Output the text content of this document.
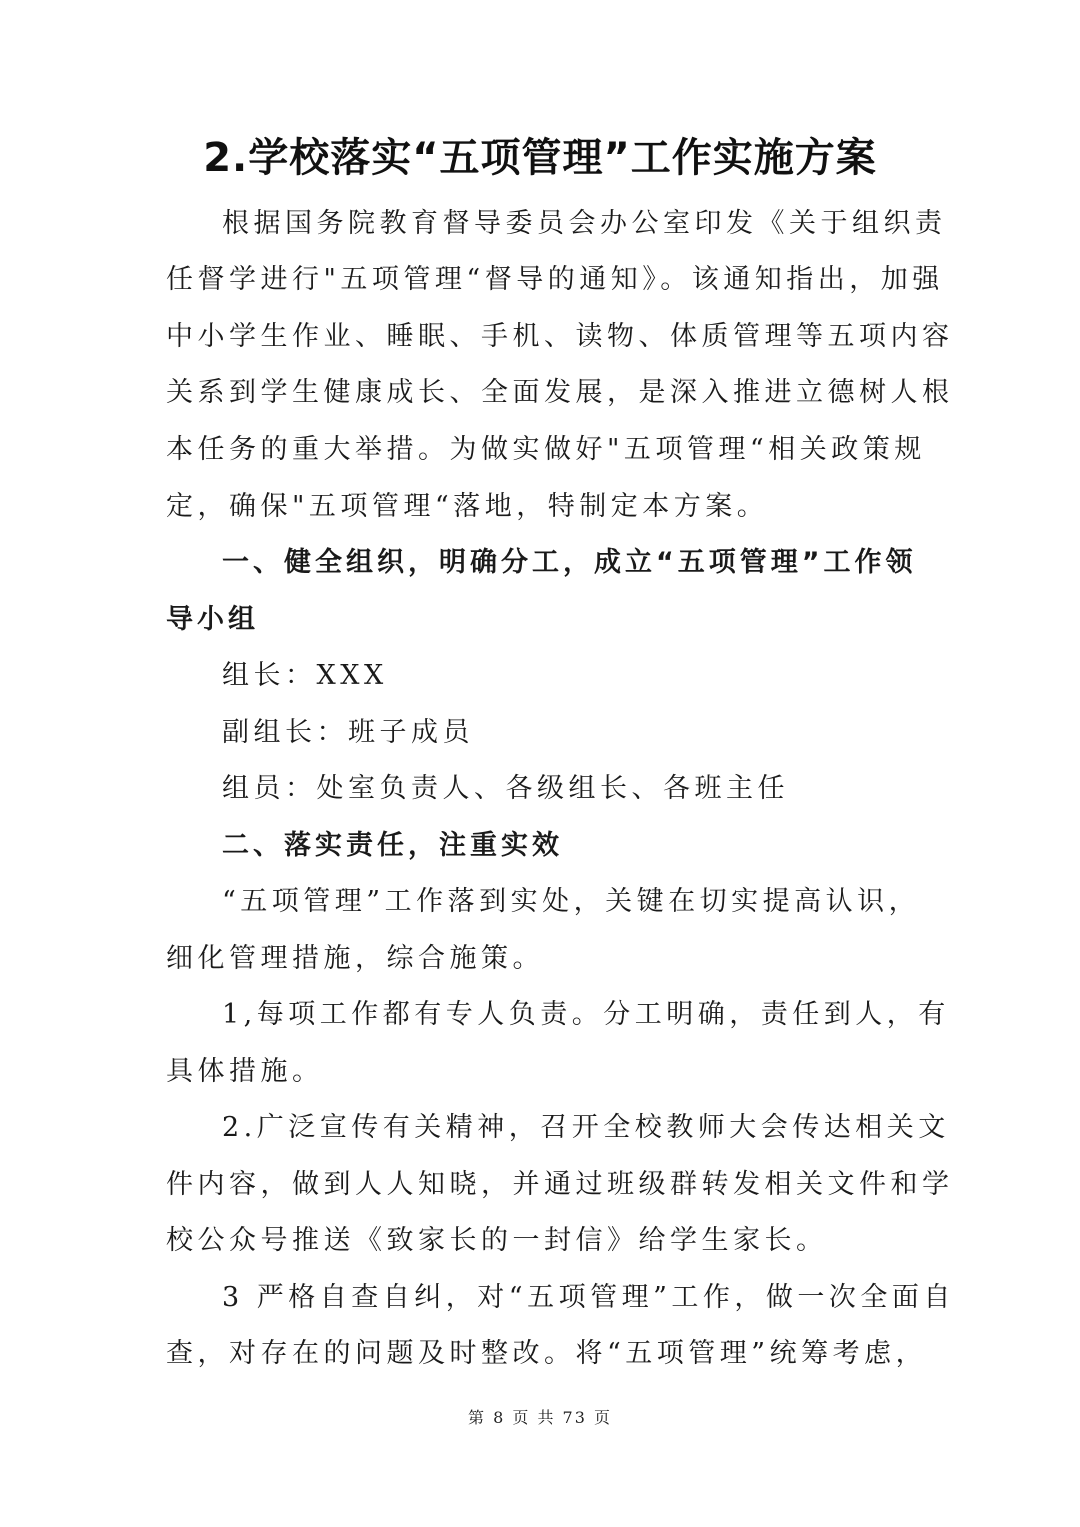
2.学校落实“五项管理”工作实施方案
根据国务院教育督导委员会办公室印发《关于组织责
任督学进行"五项管理“督导的通知》。该通知指出，加强
中小学生作业、睡眠、手机、读物、体质管理等五项内容
关系到学生健康成长、全面发展，是深入推进立德树人根
本任务的重大举措。为做实做好"五项管理“相关政策规
定，确保"五项管理“落地，特制定本方案。
一、健全组织，明确分工，成立“五项管理”工作领
导小组
组长：XXX
副组长：班子成员
组员：处室负责人、各级组长、各班主任
二、落实责任，注重实效
“五项管理”工作落到实处，关键在切实提高认识，
细化管理措施，综合施策。
1,每项工作都有专人负责。分工明确，责任到人，有
具体措施。
2.广泛宣传有关精神，召开全校教师大会传达相关文
件内容，做到人人知晓，并通过班级群转发相关文件和学
校公众号推送《致家长的一封信》给学生家长。
3 严格自查自纠，对“五项管理”工作，做一次全面自
查，对存在的问题及时整改。将“五项管理”统筹考虑，
第 8 页 共 73 页
